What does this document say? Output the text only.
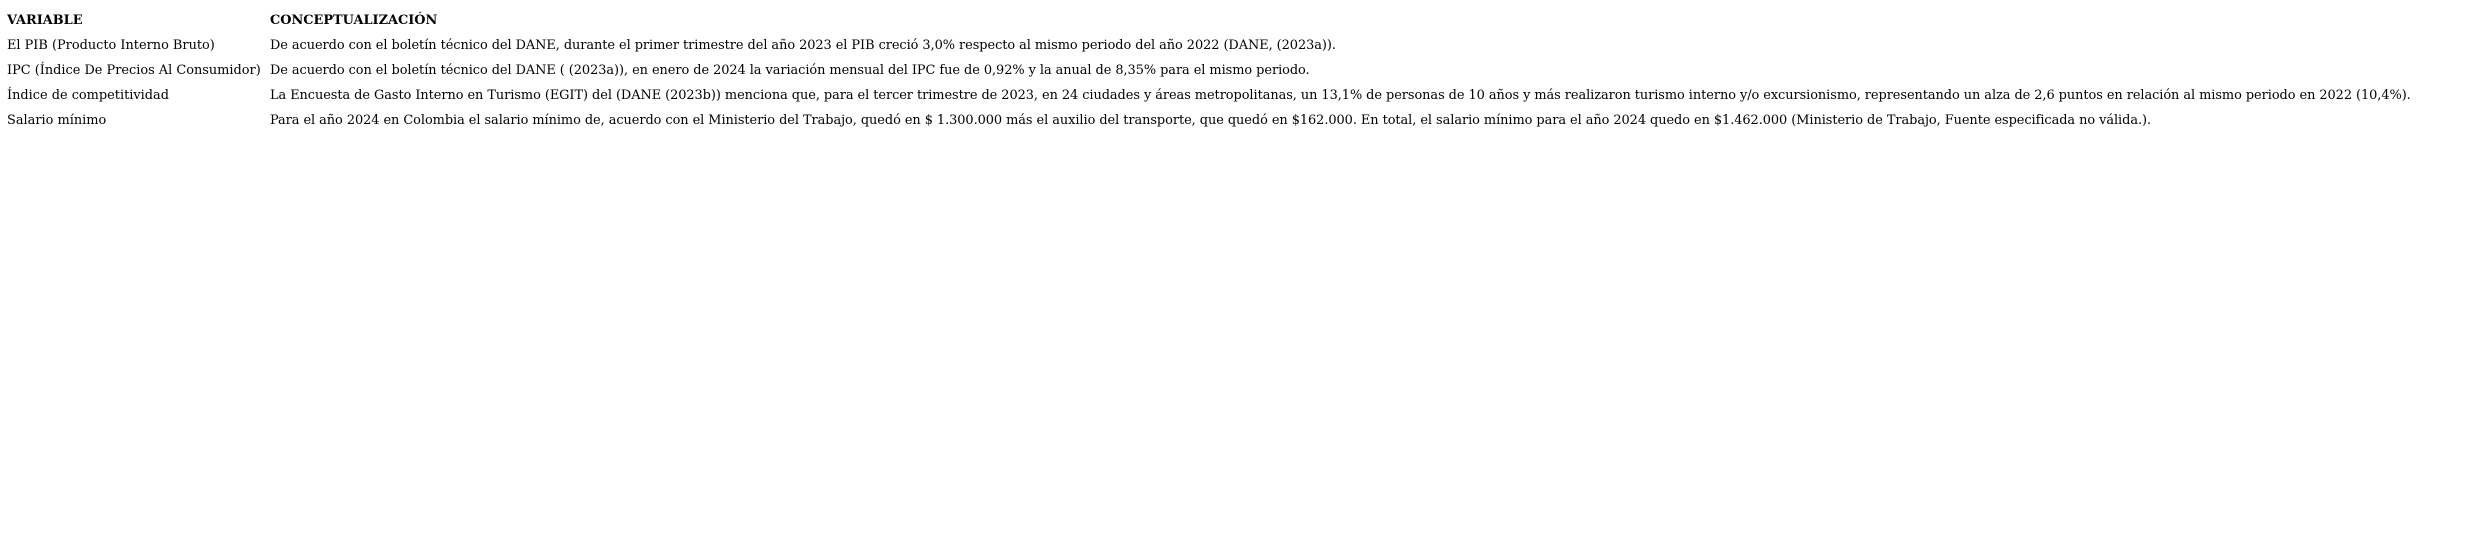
VARIABLE	CONCEPTUALIZACIÓN
El PIB (Producto Interno Bruto)	De acuerdo con el boletín técnico del DANE, durante el primer trimestre del año 2023 el PIB creció 3,0% respecto al mismo periodo del año 2022 (DANE, (2023a)).
IPC (Índice De Precios Al Consumidor)	De acuerdo con el boletín técnico del DANE ( (2023a)), en enero de 2024 la variación mensual del IPC fue de 0,92% y la anual de 8,35% para el mismo periodo.
Índice de competitividad	La Encuesta de Gasto Interno en Turismo (EGIT) del (DANE (2023b)) menciona que, para el tercer trimestre de 2023, en 24 ciudades y áreas metropolitanas, un 13,1% de personas de 10 años y más realizaron turismo interno y/o excursionismo, representando un alza de 2,6 puntos en relación al mismo periodo en 2022 (10,4%).
Salario mínimo	Para el año 2024 en Colombia el salario mínimo de, acuerdo con el Ministerio del Trabajo, quedó en $ 1.300.000 más el auxilio del transporte, que quedó en $162.000. En total, el salario mínimo para el año 2024 quedo en $1.462.000 (Ministerio de Trabajo, Fuente especificada no válida.).
